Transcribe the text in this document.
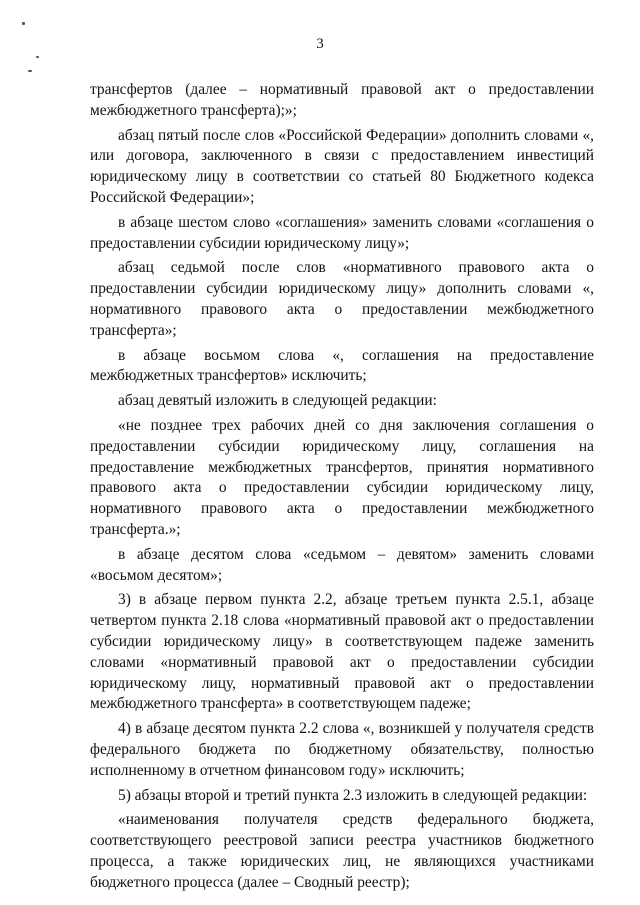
3

трансфертов (далее – нормативный правовой акт о предоставлении межбюджетного трансферта);»;

абзац пятый после слов «Российской Федерации» дополнить словами «, или договора, заключенного в связи с предоставлением инвестиций юридическому лицу в соответствии со статьей 80 Бюджетного кодекса Российской Федерации»;

в абзаце шестом слово «соглашения» заменить словами «соглашения о предоставлении субсидии юридическому лицу»;

абзац седьмой после слов «нормативного правового акта о предоставлении субсидии юридическому лицу» дополнить словами «, нормативного правового акта о предоставлении межбюджетного трансферта»;

в абзаце восьмом слова «, соглашения на предоставление межбюджетных трансфертов» исключить;

абзац девятый изложить в следующей редакции:

«не позднее трех рабочих дней со дня заключения соглашения о предоставлении субсидии юридическому лицу, соглашения на предоставление межбюджетных трансфертов, принятия нормативного правового акта о предоставлении субсидии юридическому лицу, нормативного правового акта о предоставлении межбюджетного трансферта.»;

в абзаце десятом слова «седьмом – девятом» заменить словами «восьмом десятом»;

3) в абзаце первом пункта 2.2, абзаце третьем пункта 2.5.1, абзаце четвертом пункта 2.18 слова «нормативный правовой акт о предоставлении субсидии юридическому лицу» в соответствующем падеже заменить словами «нормативный правовой акт о предоставлении субсидии юридическому лицу, нормативный правовой акт о предоставлении межбюджетного трансферта» в соответствующем падеже;

4) в абзаце десятом пункта 2.2 слова «, возникшей у получателя средств федерального бюджета по бюджетному обязательству, полностью исполненному в отчетном финансовом году» исключить;

5) абзацы второй и третий пункта 2.3 изложить в следующей редакции:

«наименования получателя средств федерального бюджета, соответствующего реестровой записи реестра участников бюджетного процесса, а также юридических лиц, не являющихся участниками бюджетного процесса (далее – Сводный реестр);
